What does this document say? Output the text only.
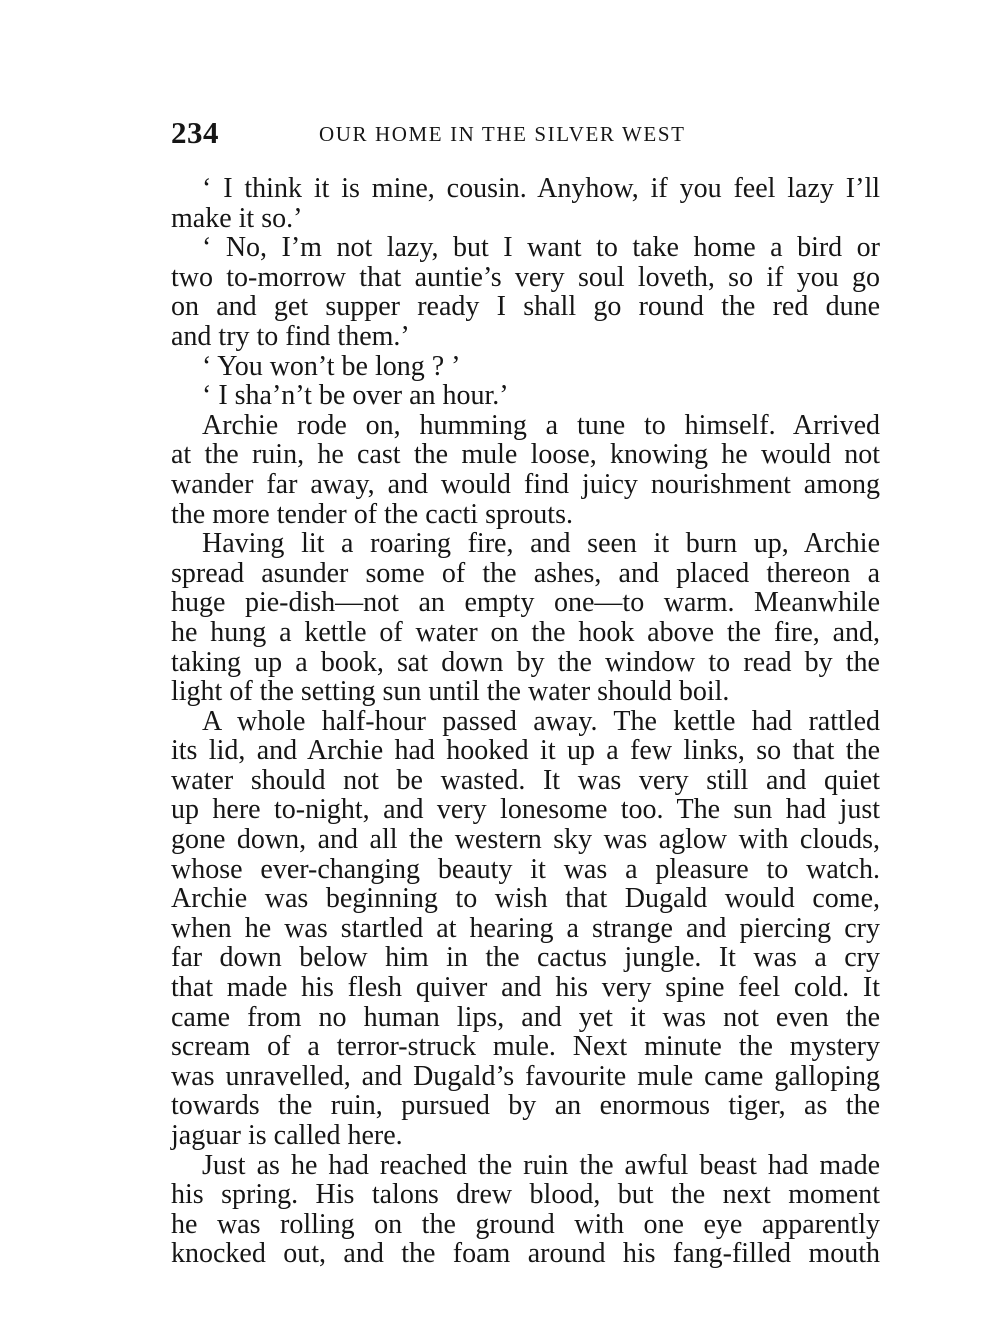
234	OUR HOME IN THE SILVER WEST
‘ I think it is mine, cousin. Anyhow, if you feel lazy I’ll
make it so.’
‘ No, I’m not lazy, but I want to take home a bird or
two to-morrow that auntie’s very soul loveth, so if you go
on and get supper ready I shall go round the red dune
and try to find them.’
‘ You won’t be long ? ’
‘ I sha’n’t be over an hour.’
Archie rode on, humming a tune to himself. Arrived
at the ruin, he cast the mule loose, knowing he would not
wander far away, and would find juicy nourishment among
the more tender of the cacti sprouts.
Having lit a roaring fire, and seen it burn up, Archie
spread asunder some of the ashes, and placed thereon a
huge pie-dish—not an empty one—to warm. Meanwhile
he hung a kettle of water on the hook above the fire, and,
taking up a book, sat down by the window to read by the
light of the setting sun until the water should boil.
A whole half-hour passed away. The kettle had rattled
its lid, and Archie had hooked it up a few links, so that the
water should not be wasted. It was very still and quiet
up here to-night, and very lonesome too. The sun had just
gone down, and all the western sky was aglow with clouds,
whose ever-changing beauty it was a pleasure to watch.
Archie was beginning to wish that Dugald would come,
when he was startled at hearing a strange and piercing cry
far down below him in the cactus jungle. It was a cry
that made his flesh quiver and his very spine feel cold. It
came from no human lips, and yet it was not even the
scream of a terror-struck mule. Next minute the mystery
was unravelled, and Dugald’s favourite mule came galloping
towards the ruin, pursued by an enormous tiger, as the
jaguar is called here.
Just as he had reached the ruin the awful beast had made
his spring. His talons drew blood, but the next moment
he was rolling on the ground with one eye apparently
knocked out, and the foam around his fang-filled mouth
